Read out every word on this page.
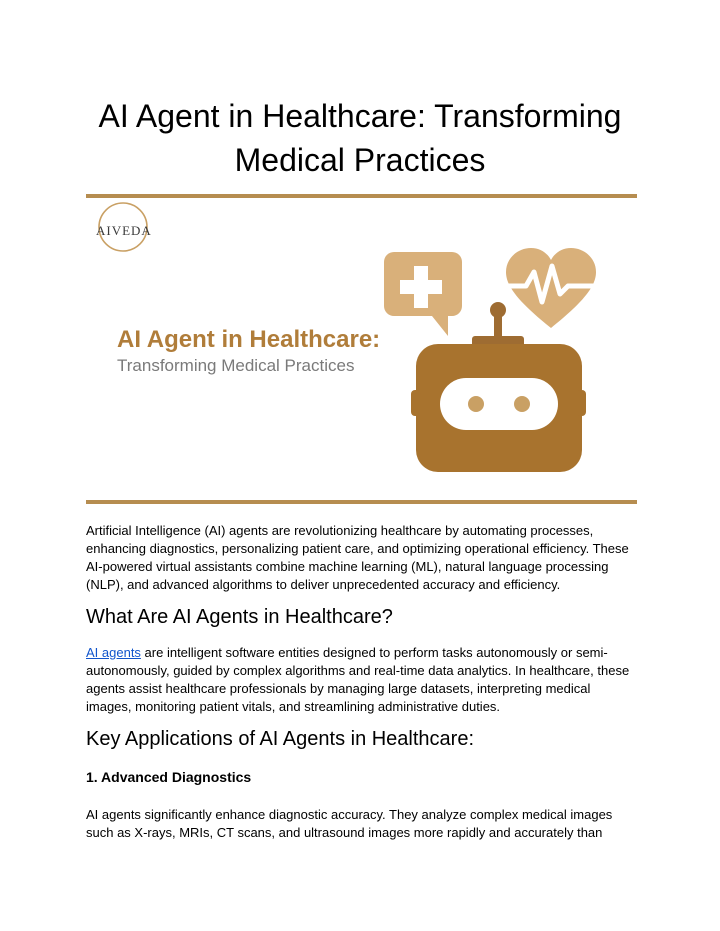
AI Agent in Healthcare: Transforming
Medical Practices
AIVEDA
AI Agent in Healthcare:
Transforming Medical Practices

Artificial Intelligence (AI) agents are revolutionizing healthcare by automating processes, enhancing diagnostics, personalizing patient care, and optimizing operational efficiency. These AI-powered virtual assistants combine machine learning (ML), natural language processing (NLP), and advanced algorithms to deliver unprecedented accuracy and efficiency.

What Are AI Agents in Healthcare?

AI agents are intelligent software entities designed to perform tasks autonomously or semi-autonomously, guided by complex algorithms and real-time data analytics. In healthcare, these agents assist healthcare professionals by managing large datasets, interpreting medical images, monitoring patient vitals, and streamlining administrative duties.

Key Applications of AI Agents in Healthcare:
1. Advanced Diagnostics

AI agents significantly enhance diagnostic accuracy. They analyze complex medical images such as X-rays, MRIs, CT scans, and ultrasound images more rapidly and accurately than
